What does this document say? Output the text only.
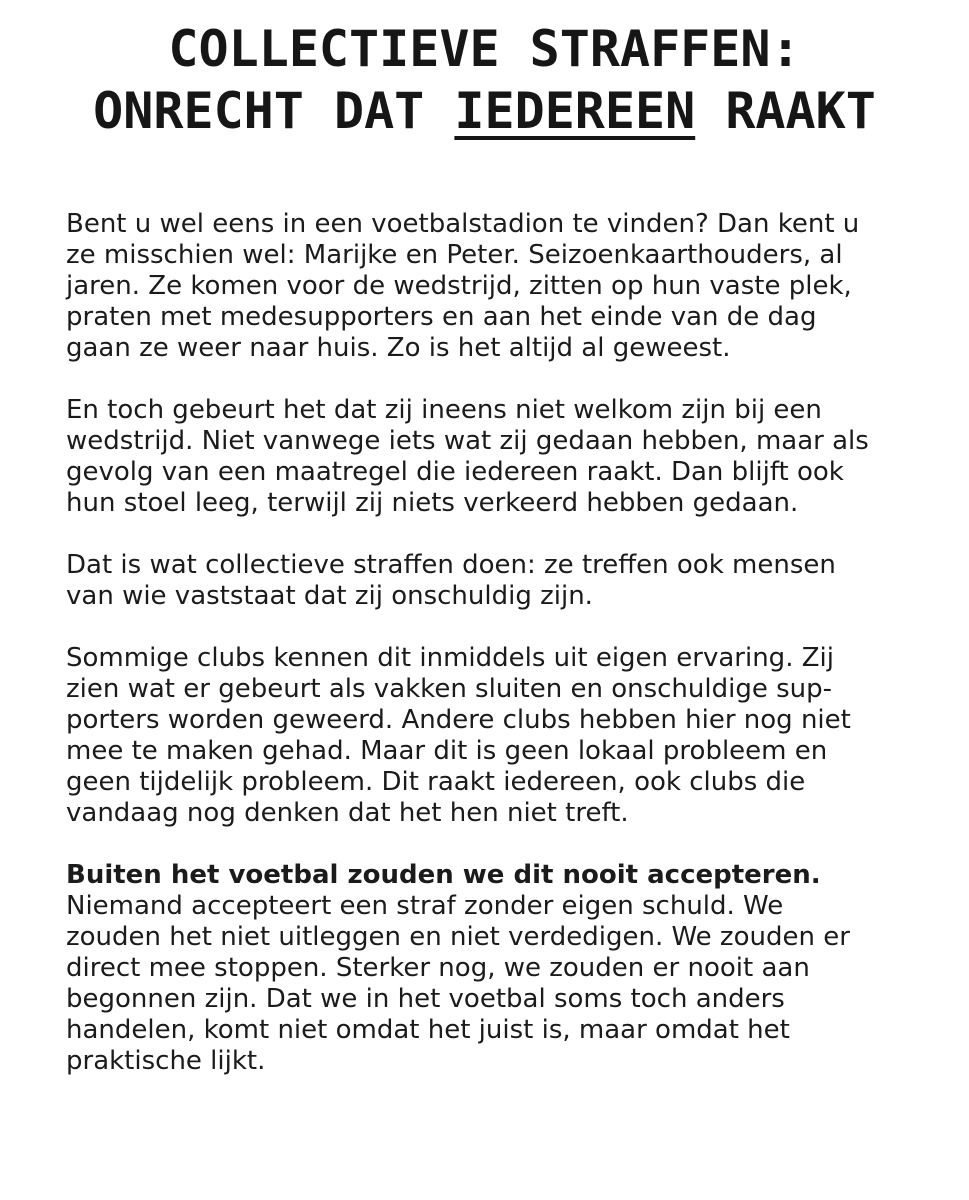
COLLECTIEVE STRAFFEN:
ONRECHT DAT IEDEREEN RAAKT

Bent u wel eens in een voetbalstadion te vinden? Dan kent u
ze misschien wel: Marijke en Peter. Seizoenkaarthouders, al
jaren. Ze komen voor de wedstrijd, zitten op hun vaste plek,
praten met medesupporters en aan het einde van de dag
gaan ze weer naar huis. Zo is het altijd al geweest.

En toch gebeurt het dat zij ineens niet welkom zijn bij een
wedstrijd. Niet vanwege iets wat zij gedaan hebben, maar als
gevolg van een maatregel die iedereen raakt. Dan blijft ook
hun stoel leeg, terwijl zij niets verkeerd hebben gedaan.

Dat is wat collectieve straffen doen: ze treffen ook mensen
van wie vaststaat dat zij onschuldig zijn.

Sommige clubs kennen dit inmiddels uit eigen ervaring. Zij
zien wat er gebeurt als vakken sluiten en onschuldige sup-
porters worden geweerd. Andere clubs hebben hier nog niet
mee te maken gehad. Maar dit is geen lokaal probleem en
geen tijdelijk probleem. Dit raakt iedereen, ook clubs die
vandaag nog denken dat het hen niet treft.

Buiten het voetbal zouden we dit nooit accepteren.
Niemand accepteert een straf zonder eigen schuld. We
zouden het niet uitleggen en niet verdedigen. We zouden er
direct mee stoppen. Sterker nog, we zouden er nooit aan
begonnen zijn. Dat we in het voetbal soms toch anders
handelen, komt niet omdat het juist is, maar omdat het
praktische lijkt.
